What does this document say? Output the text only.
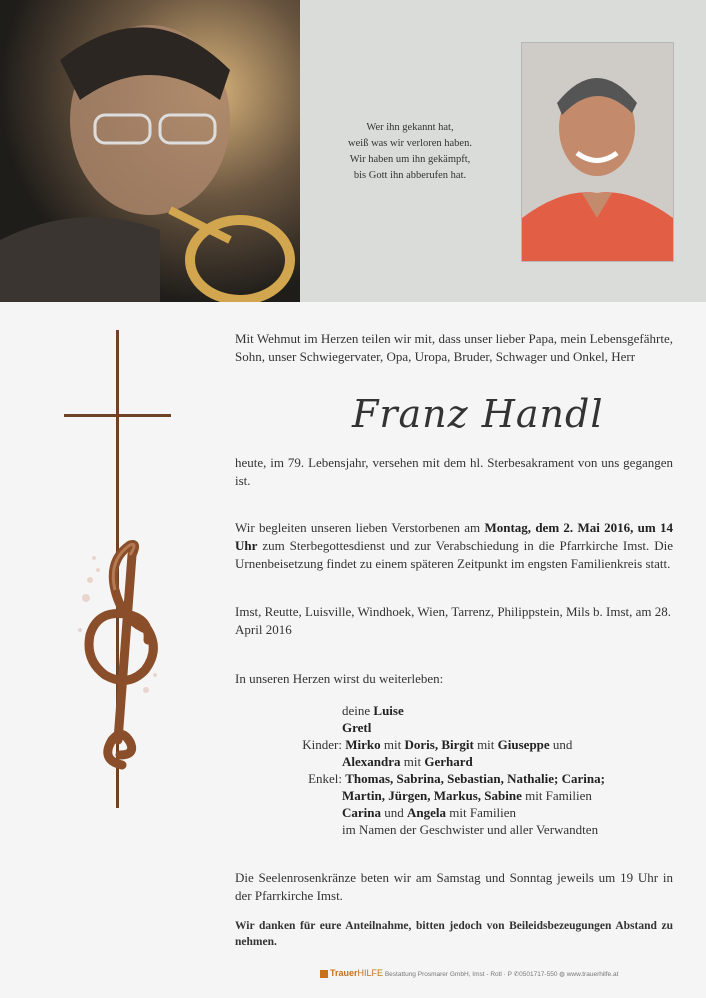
Wer ihn gekannt hat,
weiß was wir verloren haben.
Wir haben um ihn gekämpft,
bis Gott ihn abberufen hat.
Mit Wehmut im Herzen teilen wir mit, dass unser lieber Papa, mein Lebensgefährte, Sohn, unser Schwiegervater, Opa, Uropa, Bruder, Schwager und Onkel, Herr
Franz Handl
heute, im 79. Lebensjahr, versehen mit dem hl. Sterbesakrament von uns gegangen ist.
Wir begleiten unseren lieben Verstorbenen am Montag, dem 2. Mai 2016, um 14 Uhr zum Sterbegottesdienst und zur Verabschiedung in die Pfarrkirche Imst. Die Urnenbeisetzung findet zu einem späteren Zeitpunkt im engsten Familienkreis statt.
Imst, Reutte, Luisville, Windhoek, Wien, Tarrenz, Philippstein, Mils b. Imst, am 28. April 2016
In unseren Herzen wirst du weiterleben:
deine
Luise
Gretl
Kinder: Mirko mit Doris, Birgit mit Giuseppe und
Alexandra
mit
Gerhard
Enkel: Thomas, Sabrina, Sebastian, Nathalie; Carina;
Martin, Jürgen, Markus, Sabine
mit Familien
Carina
und
Angela
mit Familien
im Namen der Geschwister und aller Verwandten
Die Seelenrosenkränze beten wir am Samstag und Sonntag jeweils um 19 Uhr in der Pfarrkirche Imst.
Wir danken für eure Anteilnahme, bitten jedoch von Beileidsbezeugungen Abstand zu nehmen.
TrauerHILFE Bestattung Prosmarer GmbH, Imst - Rotl · P ✆0501717-550 ◍ www.trauerhilfe.at
